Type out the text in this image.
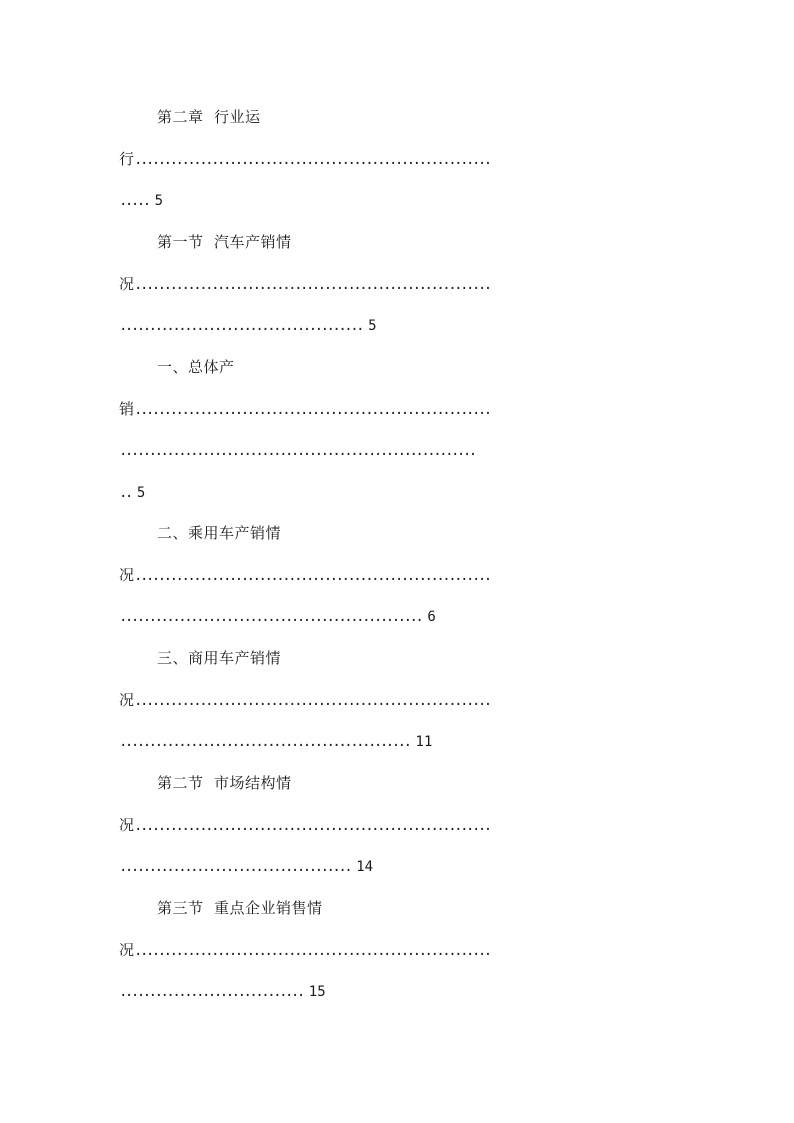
第二章  行业运
行............................................................
..... 5
第一节  汽车产销情
况............................................................
......................................... 5
一、总体产
销............................................................
............................................................
.. 5
二、乘用车产销情
况............................................................
................................................... 6
三、商用车产销情
况............................................................
................................................. 11
第二节  市场结构情
况............................................................
....................................... 14
第三节  重点企业销售情
况............................................................
............................... 15
